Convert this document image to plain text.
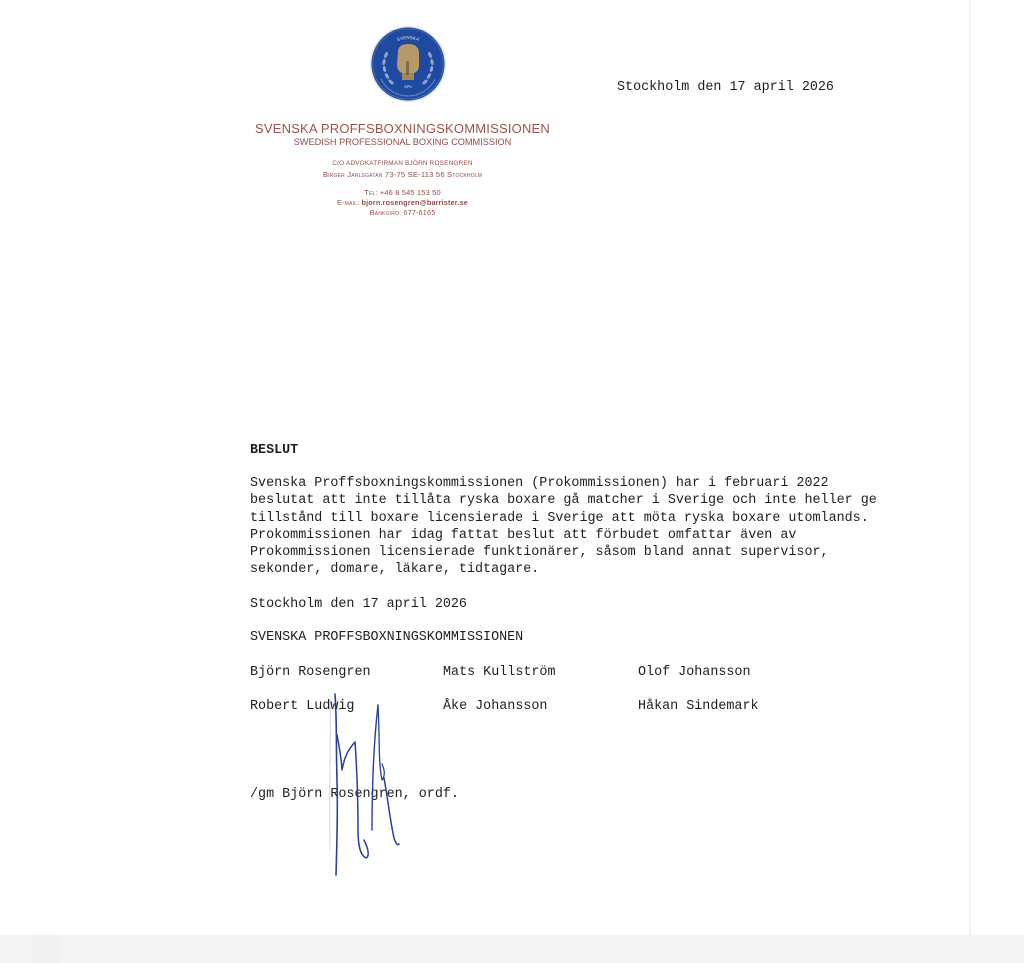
SVENSKA
SPK
SVENSKA PROFFSBOXNINGSKOMMISSIONEN
SWEDISH PROFESSIONAL BOXING COMMISSION
C/O ADVOKATFIRMAN BJÖRN ROSENGREN
Birger Jarlsgatan 73-75 SE-113 56 Stockholm
Tel: +46 8 545 153 50
E-mail: bjorn.rosengren@barrister.se
Bankgiro: 677-6165
Stockholm den 17 april 2026
BESLUT
Svenska Proffsboxningskommissionen (Prokommissionen) har i februari 2022
beslutat att inte tillåta ryska boxare gå matcher i Sverige och inte heller ge
tillstånd till boxare licensierade i Sverige att möta ryska boxare utomlands.
Prokommissionen har idag fattat beslut att förbudet omfattar även av
Prokommissionen licensierade funktionärer, såsom bland annat supervisor,
sekonder, domare, läkare, tidtagare.
Stockholm den 17 april 2026
SVENSKA PROFFSBOXNINGSKOMMISSIONEN
Björn Rosengren	Mats Kullström	Olof Johansson
Robert Ludwig	Åke Johansson	Håkan Sindemark
/gm Björn Rosengren, ordf.
